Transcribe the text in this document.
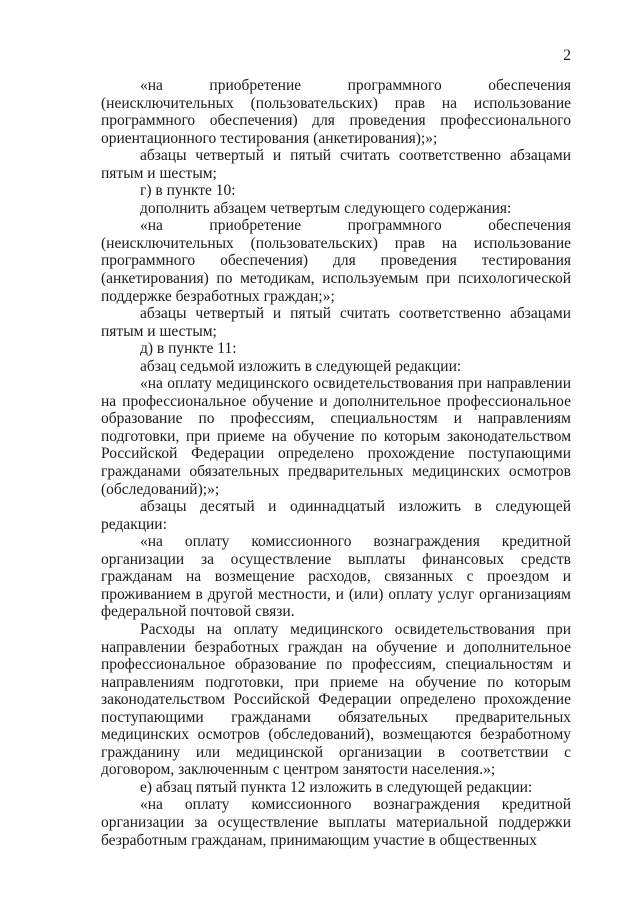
2

«на приобретение программного обеспечения (неисключительных (пользовательских) прав на использование программного обеспечения) для проведения профессионального ориентационного тестирования (анкетирования);»;

абзацы четвертый и пятый считать соответственно абзацами пятым и шестым;

г) в пункте 10:

дополнить абзацем четвертым следующего содержания:

«на приобретение программного обеспечения (неисключительных (пользовательских) прав на использование программного обеспечения) для проведения тестирования (анкетирования) по методикам, используемым при психологической поддержке безработных граждан;»;

абзацы четвертый и пятый считать соответственно абзацами пятым и шестым;

д) в пункте 11:

абзац седьмой изложить в следующей редакции:

«на оплату медицинского освидетельствования при направлении на профессиональное обучение и дополнительное профессиональное образование по профессиям, специальностям и направлениям подготовки, при приеме на обучение по которым законодательством Российской Федерации определено прохождение поступающими гражданами обязательных предварительных медицинских осмотров (обследований);»;

абзацы десятый и одиннадцатый изложить в следующей редакции:

«на оплату комиссионного вознаграждения кредитной организации за осуществление выплаты финансовых средств гражданам на возмещение расходов, связанных с проездом и проживанием в другой местности, и (или) оплату услуг организациям федеральной почтовой связи.

Расходы на оплату медицинского освидетельствования при направлении безработных граждан на обучение и дополнительное профессиональное образование по профессиям, специальностям и направлениям подготовки, при приеме на обучение по которым законодательством Российской Федерации определено прохождение поступающими гражданами обязательных предварительных медицинских осмотров (обследований), возмещаются безработному гражданину или медицинской организации в соответствии с договором, заключенным с центром занятости населения.»;

е) абзац пятый пункта 12 изложить в следующей редакции:

«на оплату комиссионного вознаграждения кредитной организации за осуществление выплаты материальной поддержки безработным гражданам, принимающим участие в общественных
